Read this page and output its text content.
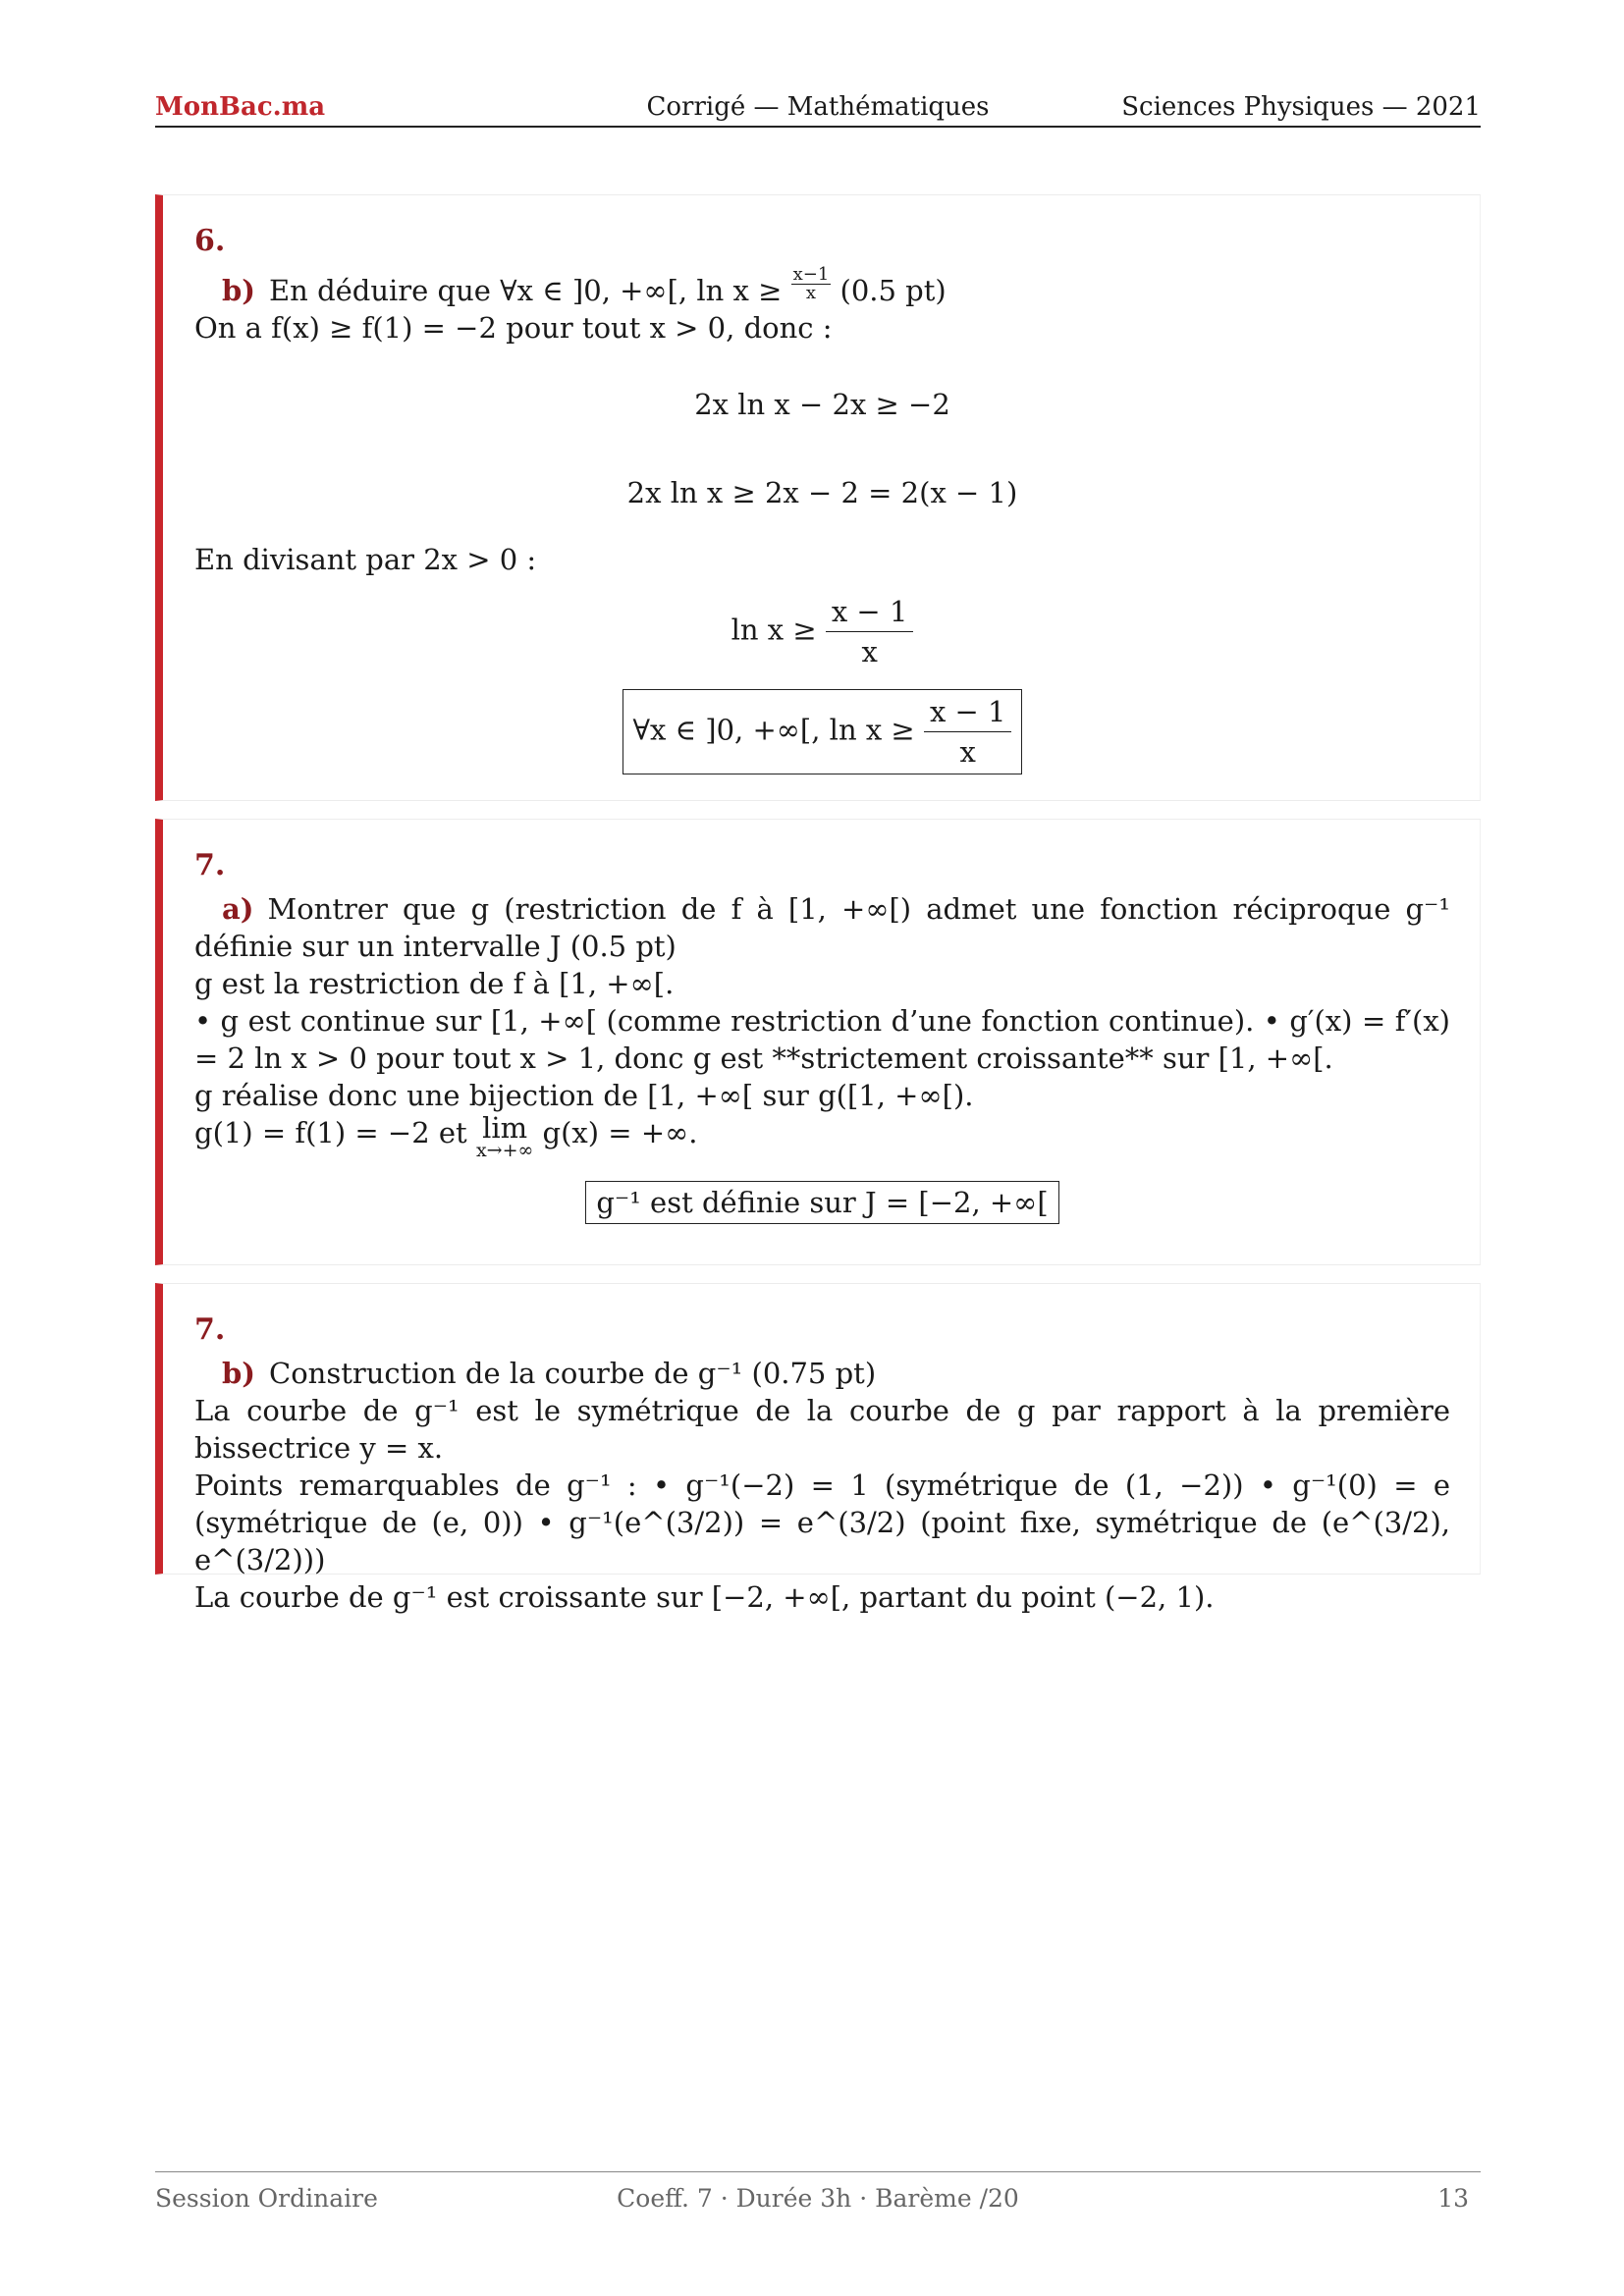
MonBac.ma	Corrigé — Mathématiques	Sciences Physiques — 2021
6.
b) En déduire que ∀x ∈ ]0, +∞[, $\ln x \ge \frac{x-1}{x} (0.5$ pt)
On a f(x) ≥ f(1) = −2 pour tout x > 0, donc :
2x ln x − 2x ≥ −2
2x ln x ≥ 2x − 2 = 2(x − 1)
En divisant par 2x > 0 :
$\ln x \ge \frac{x - 1}{x}$
∀x ∈ ]0, +∞[, $\ln x \ge \frac{x - 1}{x}$
7.
a) Montrer que g (restriction de f à [1, +∞[) admet une fonction réciproque g⁻¹ définie sur un intervalle J (0.5 pt)
g est la restriction de f à [1, +∞[.
• g est continue sur [1, +∞[ (comme restriction d’une fonction continue). • g′(x) = f′(x) = 2 ln x > 0 pour tout x > 1, donc g est **strictement croissante** sur [1, +∞[.
g réalise donc une bijection de [1, +∞[ sur g([1, +∞[).
g(1) = f(1) = −2 et lim
x→+∞
g(x) = +∞.
g⁻¹ est définie sur J = [−2, +∞[
7.
b) Construction de la courbe de g⁻¹ (0.75 pt)
La courbe de g⁻¹ est le symétrique de la courbe de g par rapport à la première bissectrice y = x.
Points remarquables de g⁻¹ : • g⁻¹(−2) = 1 (symétrique de (1, −2)) • g⁻¹(0) = e (symétrique de (e, 0)) • g⁻¹(e^(3/2)) = e^(3/2) (point fixe, symétrique de (e^(3/2), e^(3/2)))
La courbe de g⁻¹ est croissante sur [−2, +∞[, partant du point (−2, 1).
Session Ordinaire	Coeff. 7 · Durée 3h · Barème /20	13
